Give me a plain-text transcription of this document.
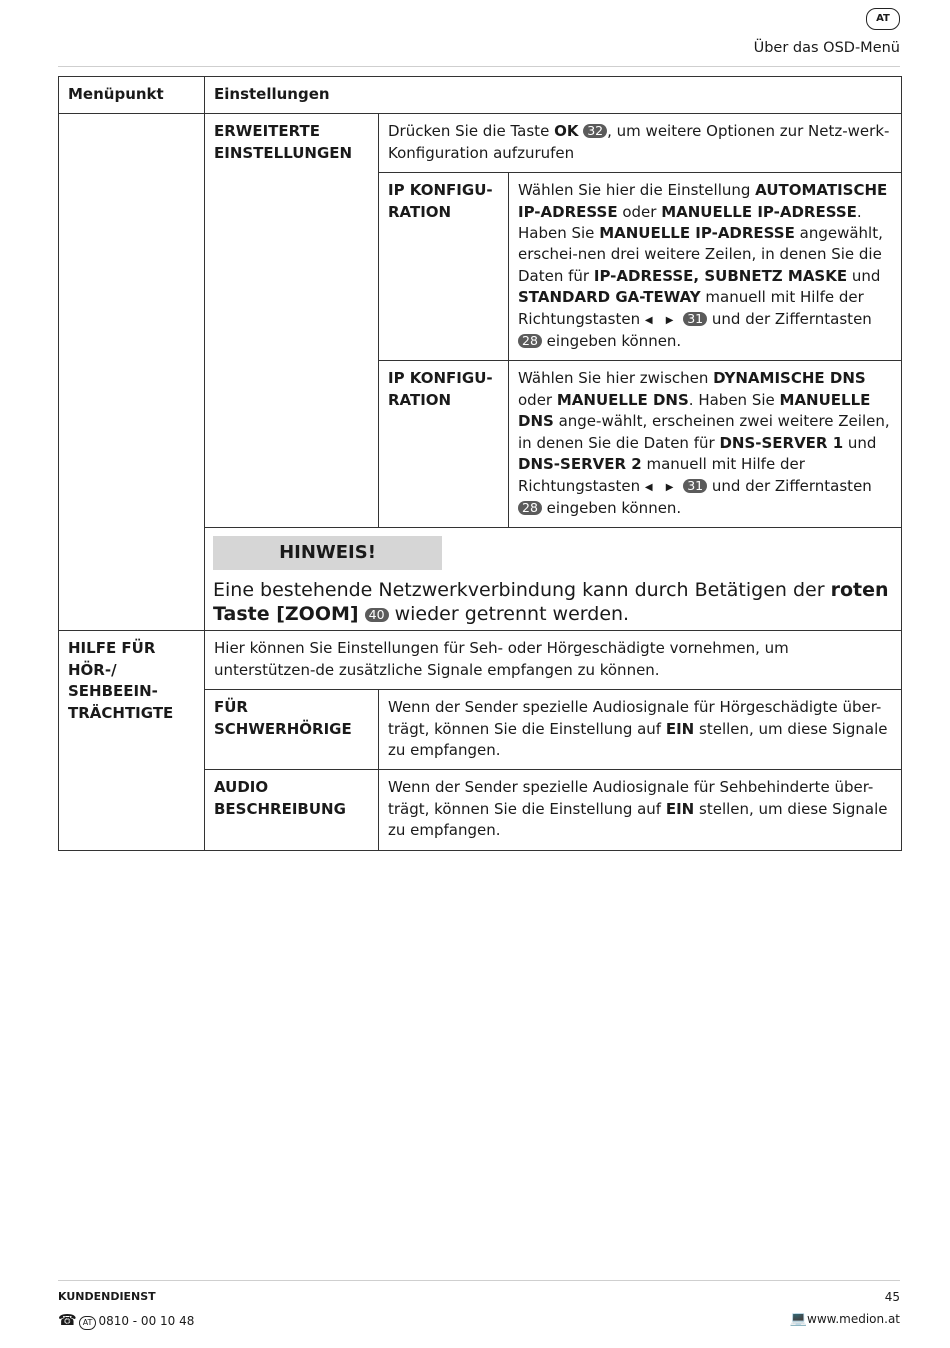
AT
Über das OSD-Menü
Menüpunkt	Einstellungen		
	ERWEITERTE EINSTELLUNGEN	Drücken Sie die Taste OK 32 , um weitere Optionen zur Netz-werk-Konfiguration aufzurufen	
		IP KONFIGU-RATION	Wählen Sie hier die Einstellung AUTOMATISCHE IP-ADRESSE oder MANUELLE IP-ADRESSE. Haben Sie MANUELLE IP-ADRESSE angewählt, erschei-nen drei weitere Zeilen, in denen Sie die Daten für IP-ADRESSE, SUBNETZ MASKE und STANDARD GA-TEWAY manuell mit Hilfe der Richtungstasten ◀ ▶ 31 und der Zifferntasten 28 eingeben können.
		IP KONFIGU-RATION	Wählen Sie hier zwischen DYNAMISCHE DNS oder MANUELLE DNS. Haben Sie MANUELLE DNS ange-wählt, erscheinen zwei weitere Zeilen, in denen Sie die Daten für DNS-SERVER 1 und DNS-SERVER 2 manuell mit Hilfe der Richtungstasten ◀ ▶ 31 und der Zifferntasten 28 eingeben können.

	HINWEIS!
Eine bestehende Netzwerkverbindung kann durch Betätigen der roten Taste [ZOOM] 40 wieder getrennt werden.		

HILFE FÜR HÖR-/ SEHBEEIN-TRÄCHTIGTE	Hier können Sie Einstellungen für Seh- oder Hörgeschädigte vornehmen, um unterstützen-de zusätzliche Signale empfangen zu können.		
	FÜR SCHWERHÖRIGE	Wenn der Sender spezielle Audiosignale für Hörgeschädigte über-trägt, können Sie die Einstellung auf EIN stellen, um diese Signale zu empfangen.	
	AUDIO BESCHREIBUNG	Wenn der Sender spezielle Audiosignale für Sehbehinderte über-trägt, können Sie die Einstellung auf EIN stellen, um diese Signale zu empfangen.	
KUNDENDIENST
☎ AT 0810 - 00 10 48
45
💻www.medion.at
